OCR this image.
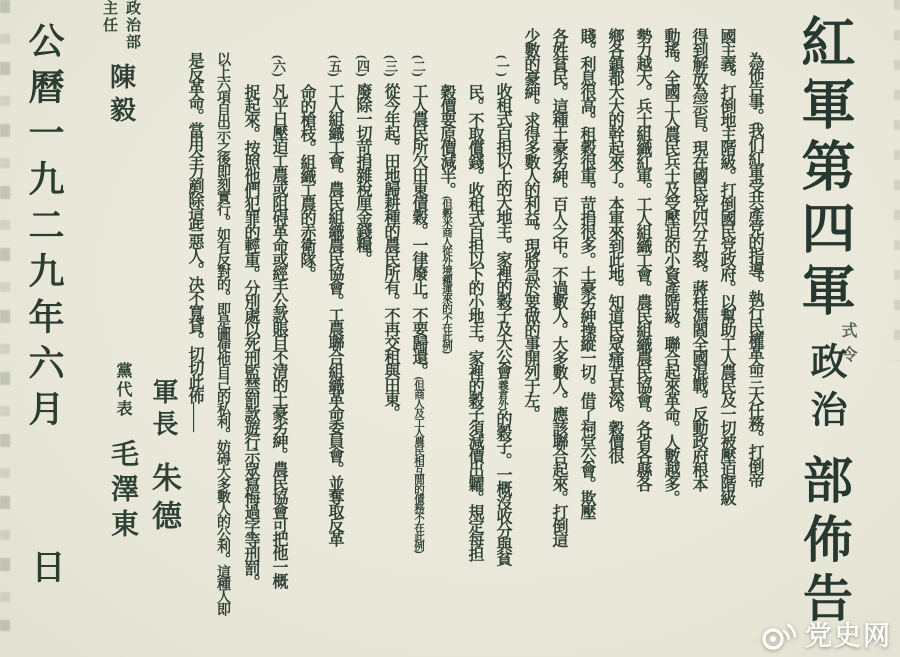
紅軍第四軍 政治 部佈告
式令
為佈告事。我们紅軍受共產党的指導。執行民權革命三大任務。打倒帝
國主義。打倒地主階級。打倒國民党政府。以幫助工人農民及一切被壓迫階級
得到解放為宗旨。現在國民党四分五裂。蔣桂馮閻全國混戰。反動政府根本
動搖。全國工人農民兵士及受壓迫的小資產階級。聯合起來革命。人數越多。
勢力越大。兵士組織紅軍。工人組織工會。農民組織農民協會。各省各縣各
鄉各鎮都大大的幹起來了。本軍來到此地。知道民眾痛苦甚深。穀價很
賤。利息很高。租穀很重。苛捐很多。土豪劣紳操縱一切。借了祠堂公會。欺壓
各姓貧民。這種土豪劣紳。百人之中。不過數人。大多數人。應該聯合起來。打倒這
少數的豪紳。求得多數人的利益。現將急於要做的事開列于左。
(一)收租式百担以上的大地主。家裡的穀子及大公會(義倉外)的穀子。一概沒收分與貧
民。不取償錢。收租式百担以下的小地主。家裡的穀子須減價出糶。規定每担
穀價要原價減半。(但穀米商人從外境糴運來的不在此例)
(二)工人農民所欠田東債穀。一律廢止。不要歸還。(但商人及工人農民相互間的債務不在此例)
(三)從今年起。田地歸耕種的農民所有。不再交租與田東。
(四)廢除一切苛捐雜稅厘金錢糧。
(五)工人組織工會。農民組織農民協會。工農聯合組織革命委員會。並奪取反革
命的槍枝。組織工農的赤衛隊。
(六)凡平日壓迫工農或阻碍革命或經手公款賬目不清的土豪劣紳。農民協會可把他一概
捉起來。按照他們犯罪的輕重。分別處以死刑監禁罰款遊行示眾寫悔過字等刑罰。
以上六項自出示之後即刻實行。如有反對的。即是圖便他自己的私利。妨碍大多數人的公利。這種人即
是反革命。當用全力剷除這些惡人。决不寬貸。切切此佈——
軍長 朱德
黨代表 毛澤東
政治部
主任
陳毅
公曆一九二九年六月 日
党史网
